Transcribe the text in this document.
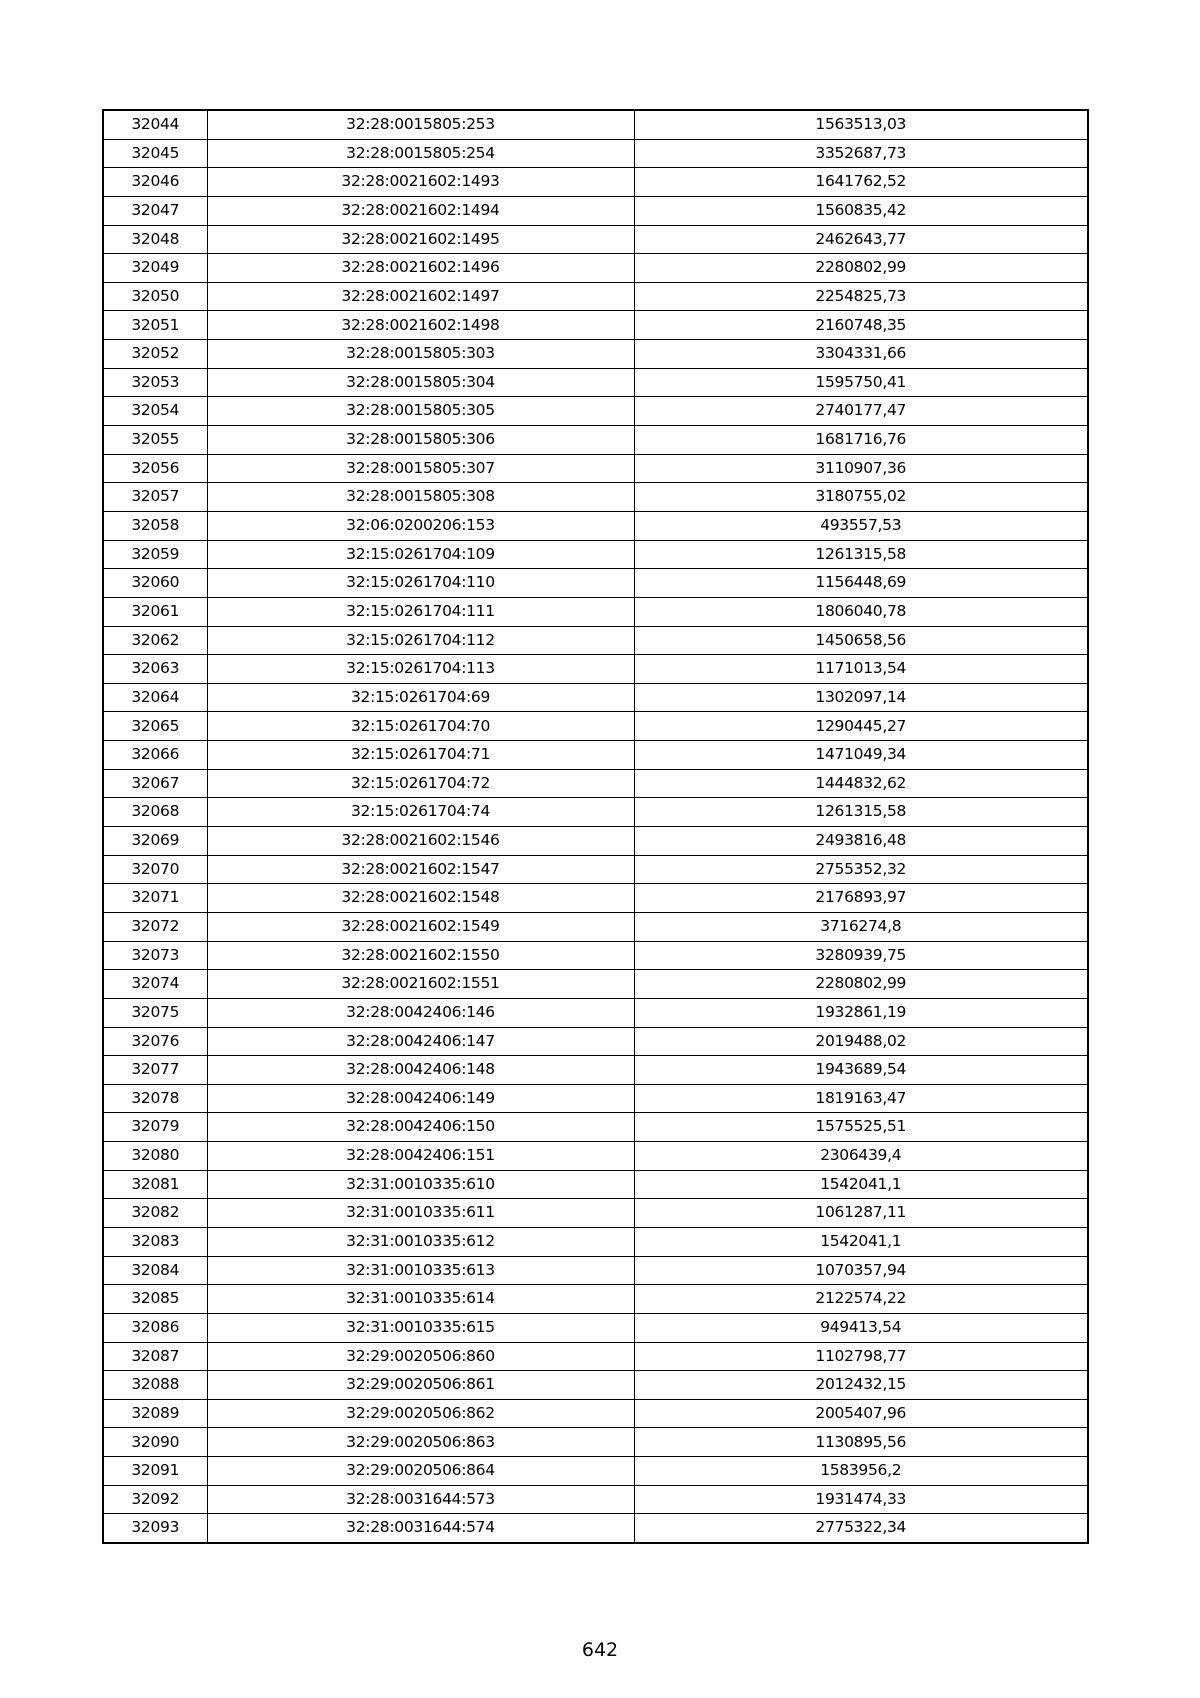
32044	32:28:0015805:253	1563513,03
32045	32:28:0015805:254	3352687,73
32046	32:28:0021602:1493	1641762,52
32047	32:28:0021602:1494	1560835,42
32048	32:28:0021602:1495	2462643,77
32049	32:28:0021602:1496	2280802,99
32050	32:28:0021602:1497	2254825,73
32051	32:28:0021602:1498	2160748,35
32052	32:28:0015805:303	3304331,66
32053	32:28:0015805:304	1595750,41
32054	32:28:0015805:305	2740177,47
32055	32:28:0015805:306	1681716,76
32056	32:28:0015805:307	3110907,36
32057	32:28:0015805:308	3180755,02
32058	32:06:0200206:153	493557,53
32059	32:15:0261704:109	1261315,58
32060	32:15:0261704:110	1156448,69
32061	32:15:0261704:111	1806040,78
32062	32:15:0261704:112	1450658,56
32063	32:15:0261704:113	1171013,54
32064	32:15:0261704:69	1302097,14
32065	32:15:0261704:70	1290445,27
32066	32:15:0261704:71	1471049,34
32067	32:15:0261704:72	1444832,62
32068	32:15:0261704:74	1261315,58
32069	32:28:0021602:1546	2493816,48
32070	32:28:0021602:1547	2755352,32
32071	32:28:0021602:1548	2176893,97
32072	32:28:0021602:1549	3716274,8
32073	32:28:0021602:1550	3280939,75
32074	32:28:0021602:1551	2280802,99
32075	32:28:0042406:146	1932861,19
32076	32:28:0042406:147	2019488,02
32077	32:28:0042406:148	1943689,54
32078	32:28:0042406:149	1819163,47
32079	32:28:0042406:150	1575525,51
32080	32:28:0042406:151	2306439,4
32081	32:31:0010335:610	1542041,1
32082	32:31:0010335:611	1061287,11
32083	32:31:0010335:612	1542041,1
32084	32:31:0010335:613	1070357,94
32085	32:31:0010335:614	2122574,22
32086	32:31:0010335:615	949413,54
32087	32:29:0020506:860	1102798,77
32088	32:29:0020506:861	2012432,15
32089	32:29:0020506:862	2005407,96
32090	32:29:0020506:863	1130895,56
32091	32:29:0020506:864	1583956,2
32092	32:28:0031644:573	1931474,33
32093	32:28:0031644:574	2775322,34
642
